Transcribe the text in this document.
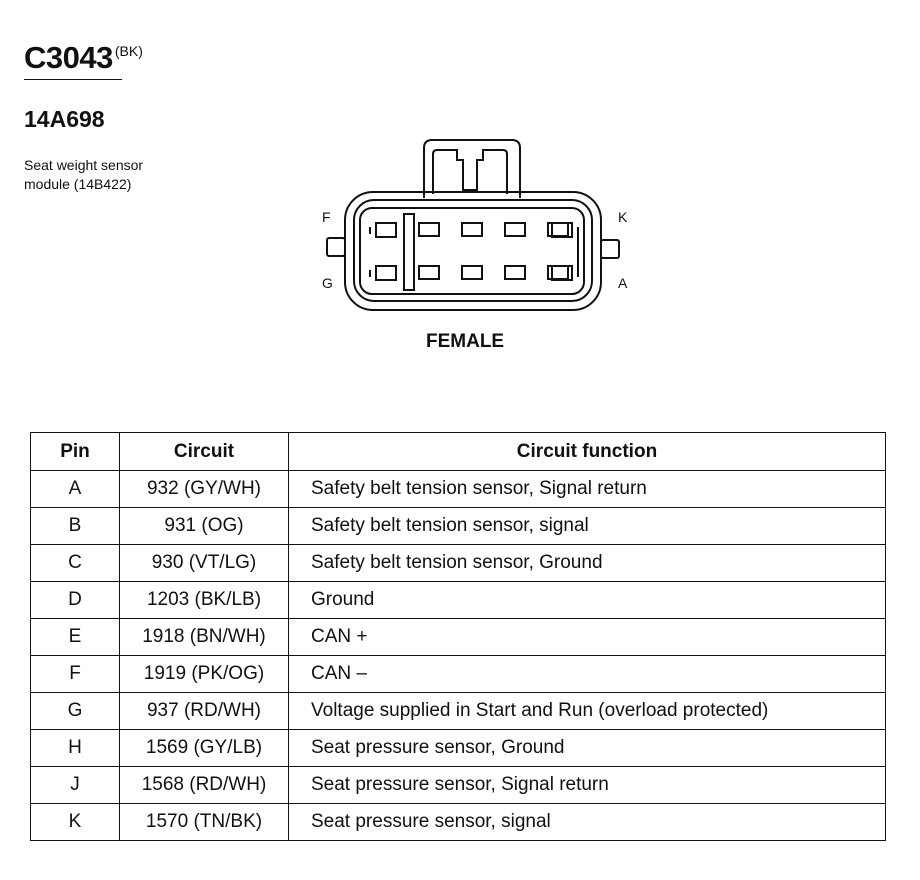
C3043 (BK)
14A698
Seat weight sensor
module (14B422)
F
G
K
A
FEMALE
Pin	Circuit	Circuit function
A	932 (GY/WH)	Safety belt tension sensor, Signal return
B	931 (OG)	Safety belt tension sensor, signal
C	930 (VT/LG)	Safety belt tension sensor, Ground
D	1203 (BK/LB)	Ground
E	1918 (BN/WH)	CAN +
F	1919 (PK/OG)	CAN –
G	937 (RD/WH)	Voltage supplied in Start and Run (overload protected)
H	1569 (GY/LB)	Seat pressure sensor, Ground
J	1568 (RD/WH)	Seat pressure sensor, Signal return
K	1570 (TN/BK)	Seat pressure sensor, signal
